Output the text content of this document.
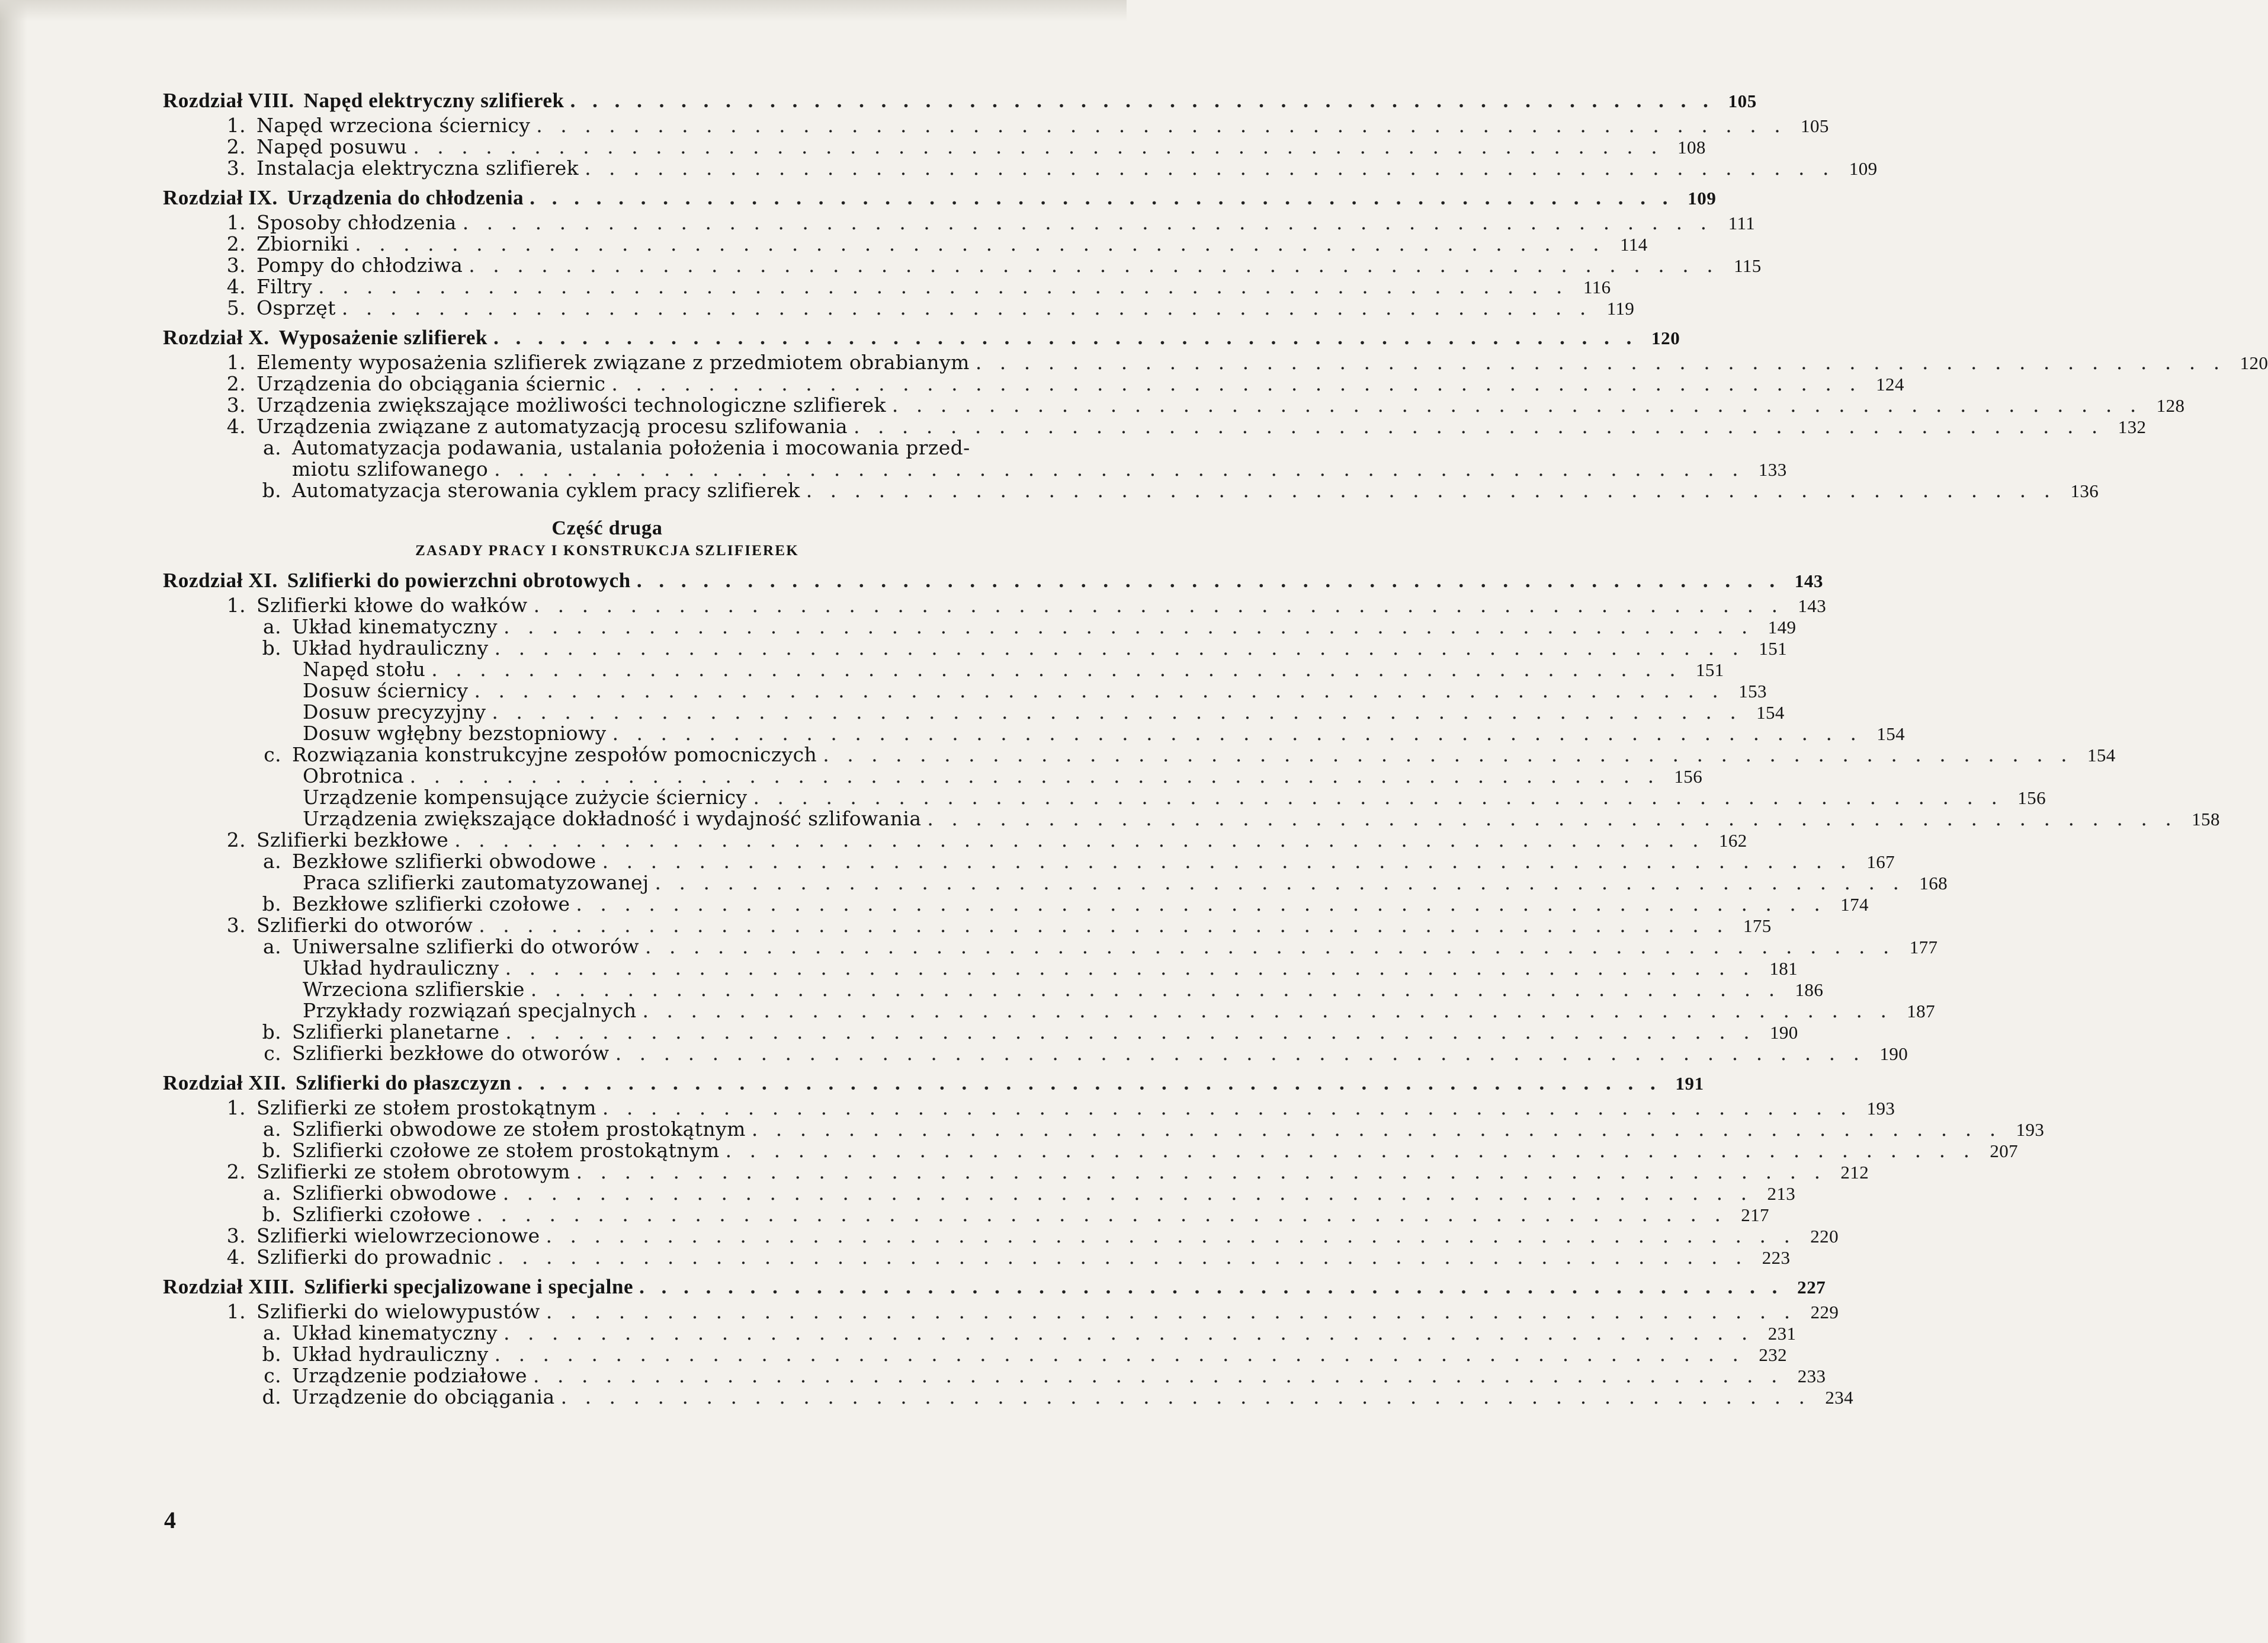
Rozdział VIII. Napęd elektryczny szlifierek . . . . . . . . . . . . . . . . . . . . . . . . . . . . . . . . . . . . . . . . . . . . . . . . . . . . 105
1. Napęd wrzeciona ściernicy . . . . . . . . . . . . . . . . . . . . . . . . . . . . . . . . . . . . . . . . . . . . . . . . . . . . 105
2. Napęd posuwu . . . . . . . . . . . . . . . . . . . . . . . . . . . . . . . . . . . . . . . . . . . . . . . . . . . . 108
3. Instalacja elektryczna szlifierek . . . . . . . . . . . . . . . . . . . . . . . . . . . . . . . . . . . . . . . . . . . . . . . . . . . . 109
Rozdział IX. Urządzenia do chłodzenia . . . . . . . . . . . . . . . . . . . . . . . . . . . . . . . . . . . . . . . . . . . . . . . . . . . . 109
1. Sposoby chłodzenia . . . . . . . . . . . . . . . . . . . . . . . . . . . . . . . . . . . . . . . . . . . . . . . . . . . . 111
2. Zbiorniki . . . . . . . . . . . . . . . . . . . . . . . . . . . . . . . . . . . . . . . . . . . . . . . . . . . . 114
3. Pompy do chłodziwa . . . . . . . . . . . . . . . . . . . . . . . . . . . . . . . . . . . . . . . . . . . . . . . . . . . . 115
4. Filtry . . . . . . . . . . . . . . . . . . . . . . . . . . . . . . . . . . . . . . . . . . . . . . . . . . . . 116
5. Osprzęt . . . . . . . . . . . . . . . . . . . . . . . . . . . . . . . . . . . . . . . . . . . . . . . . . . . . 119
Rozdział X. Wyposażenie szlifierek . . . . . . . . . . . . . . . . . . . . . . . . . . . . . . . . . . . . . . . . . . . . . . . . . . . . 120
1. Elementy wyposażenia szlifierek związane z przedmiotem obrabianym . . . . . . . . . . . . . . . . . . . . . . . . . . . . . . . . . . . . . . . . . . . . . . . . . . . . 120
2. Urządzenia do obciągania ściernic . . . . . . . . . . . . . . . . . . . . . . . . . . . . . . . . . . . . . . . . . . . . . . . . . . . . 124
3. Urządzenia zwiększające możliwości technologiczne szlifierek . . . . . . . . . . . . . . . . . . . . . . . . . . . . . . . . . . . . . . . . . . . . . . . . . . . . 128
4. Urządzenia związane z automatyzacją procesu szlifowania . . . . . . . . . . . . . . . . . . . . . . . . . . . . . . . . . . . . . . . . . . . . . . . . . . . . 132
a. Automatyzacja podawania, ustalania położenia i mocowania przed-
miotu szlifowanego . . . . . . . . . . . . . . . . . . . . . . . . . . . . . . . . . . . . . . . . . . . . . . . . . . . . 133
b. Automatyzacja sterowania cyklem pracy szlifierek . . . . . . . . . . . . . . . . . . . . . . . . . . . . . . . . . . . . . . . . . . . . . . . . . . . . 136
Część druga
ZASADY PRACY I KONSTRUKCJA SZLIFIEREK
Rozdział XI. Szlifierki do powierzchni obrotowych . . . . . . . . . . . . . . . . . . . . . . . . . . . . . . . . . . . . . . . . . . . . . . . . . . . . 143
1. Szlifierki kłowe do wałków . . . . . . . . . . . . . . . . . . . . . . . . . . . . . . . . . . . . . . . . . . . . . . . . . . . . 143
a. Układ kinematyczny . . . . . . . . . . . . . . . . . . . . . . . . . . . . . . . . . . . . . . . . . . . . . . . . . . . . 149
b. Układ hydrauliczny . . . . . . . . . . . . . . . . . . . . . . . . . . . . . . . . . . . . . . . . . . . . . . . . . . . . 151
Napęd stołu . . . . . . . . . . . . . . . . . . . . . . . . . . . . . . . . . . . . . . . . . . . . . . . . . . . . 151
Dosuw ściernicy . . . . . . . . . . . . . . . . . . . . . . . . . . . . . . . . . . . . . . . . . . . . . . . . . . . . 153
Dosuw precyzyjny . . . . . . . . . . . . . . . . . . . . . . . . . . . . . . . . . . . . . . . . . . . . . . . . . . . . 154
Dosuw wgłębny bezstopniowy . . . . . . . . . . . . . . . . . . . . . . . . . . . . . . . . . . . . . . . . . . . . . . . . . . . . 154
c. Rozwiązania konstrukcyjne zespołów pomocniczych . . . . . . . . . . . . . . . . . . . . . . . . . . . . . . . . . . . . . . . . . . . . . . . . . . . . 154
Obrotnica . . . . . . . . . . . . . . . . . . . . . . . . . . . . . . . . . . . . . . . . . . . . . . . . . . . . 156
Urządzenie kompensujące zużycie ściernicy . . . . . . . . . . . . . . . . . . . . . . . . . . . . . . . . . . . . . . . . . . . . . . . . . . . . 156
Urządzenia zwiększające dokładność i wydajność szlifowania . . . . . . . . . . . . . . . . . . . . . . . . . . . . . . . . . . . . . . . . . . . . . . . . . . . . 158
2. Szlifierki bezkłowe . . . . . . . . . . . . . . . . . . . . . . . . . . . . . . . . . . . . . . . . . . . . . . . . . . . . 162
a. Bezkłowe szlifierki obwodowe . . . . . . . . . . . . . . . . . . . . . . . . . . . . . . . . . . . . . . . . . . . . . . . . . . . . 167
Praca szlifierki zautomatyzowanej . . . . . . . . . . . . . . . . . . . . . . . . . . . . . . . . . . . . . . . . . . . . . . . . . . . . 168
b. Bezkłowe szlifierki czołowe . . . . . . . . . . . . . . . . . . . . . . . . . . . . . . . . . . . . . . . . . . . . . . . . . . . . 174
3. Szlifierki do otworów . . . . . . . . . . . . . . . . . . . . . . . . . . . . . . . . . . . . . . . . . . . . . . . . . . . . 175
a. Uniwersalne szlifierki do otworów . . . . . . . . . . . . . . . . . . . . . . . . . . . . . . . . . . . . . . . . . . . . . . . . . . . . 177
Układ hydrauliczny . . . . . . . . . . . . . . . . . . . . . . . . . . . . . . . . . . . . . . . . . . . . . . . . . . . . 181
Wrzeciona szlifierskie . . . . . . . . . . . . . . . . . . . . . . . . . . . . . . . . . . . . . . . . . . . . . . . . . . . . 186
Przykłady rozwiązań specjalnych . . . . . . . . . . . . . . . . . . . . . . . . . . . . . . . . . . . . . . . . . . . . . . . . . . . . 187
b. Szlifierki planetarne . . . . . . . . . . . . . . . . . . . . . . . . . . . . . . . . . . . . . . . . . . . . . . . . . . . . 190
c. Szlifierki bezkłowe do otworów . . . . . . . . . . . . . . . . . . . . . . . . . . . . . . . . . . . . . . . . . . . . . . . . . . . . 190
Rozdział XII. Szlifierki do płaszczyzn . . . . . . . . . . . . . . . . . . . . . . . . . . . . . . . . . . . . . . . . . . . . . . . . . . . . 191
1. Szlifierki ze stołem prostokątnym . . . . . . . . . . . . . . . . . . . . . . . . . . . . . . . . . . . . . . . . . . . . . . . . . . . . 193
a. Szlifierki obwodowe ze stołem prostokątnym . . . . . . . . . . . . . . . . . . . . . . . . . . . . . . . . . . . . . . . . . . . . . . . . . . . . 193
b. Szlifierki czołowe ze stołem prostokątnym . . . . . . . . . . . . . . . . . . . . . . . . . . . . . . . . . . . . . . . . . . . . . . . . . . . . 207
2. Szlifierki ze stołem obrotowym . . . . . . . . . . . . . . . . . . . . . . . . . . . . . . . . . . . . . . . . . . . . . . . . . . . . 212
a. Szlifierki obwodowe . . . . . . . . . . . . . . . . . . . . . . . . . . . . . . . . . . . . . . . . . . . . . . . . . . . . 213
b. Szlifierki czołowe . . . . . . . . . . . . . . . . . . . . . . . . . . . . . . . . . . . . . . . . . . . . . . . . . . . . 217
3. Szlifierki wielowrzecionowe . . . . . . . . . . . . . . . . . . . . . . . . . . . . . . . . . . . . . . . . . . . . . . . . . . . . 220
4. Szlifierki do prowadnic . . . . . . . . . . . . . . . . . . . . . . . . . . . . . . . . . . . . . . . . . . . . . . . . . . . . 223
Rozdział XIII. Szlifierki specjalizowane i specjalne . . . . . . . . . . . . . . . . . . . . . . . . . . . . . . . . . . . . . . . . . . . . . . . . . . . . 227
1. Szlifierki do wielowypustów . . . . . . . . . . . . . . . . . . . . . . . . . . . . . . . . . . . . . . . . . . . . . . . . . . . . 229
a. Układ kinematyczny . . . . . . . . . . . . . . . . . . . . . . . . . . . . . . . . . . . . . . . . . . . . . . . . . . . . 231
b. Układ hydrauliczny . . . . . . . . . . . . . . . . . . . . . . . . . . . . . . . . . . . . . . . . . . . . . . . . . . . . 232
c. Urządzenie podziałowe . . . . . . . . . . . . . . . . . . . . . . . . . . . . . . . . . . . . . . . . . . . . . . . . . . . . 233
d. Urządzenie do obciągania . . . . . . . . . . . . . . . . . . . . . . . . . . . . . . . . . . . . . . . . . . . . . . . . . . . . 234
4
